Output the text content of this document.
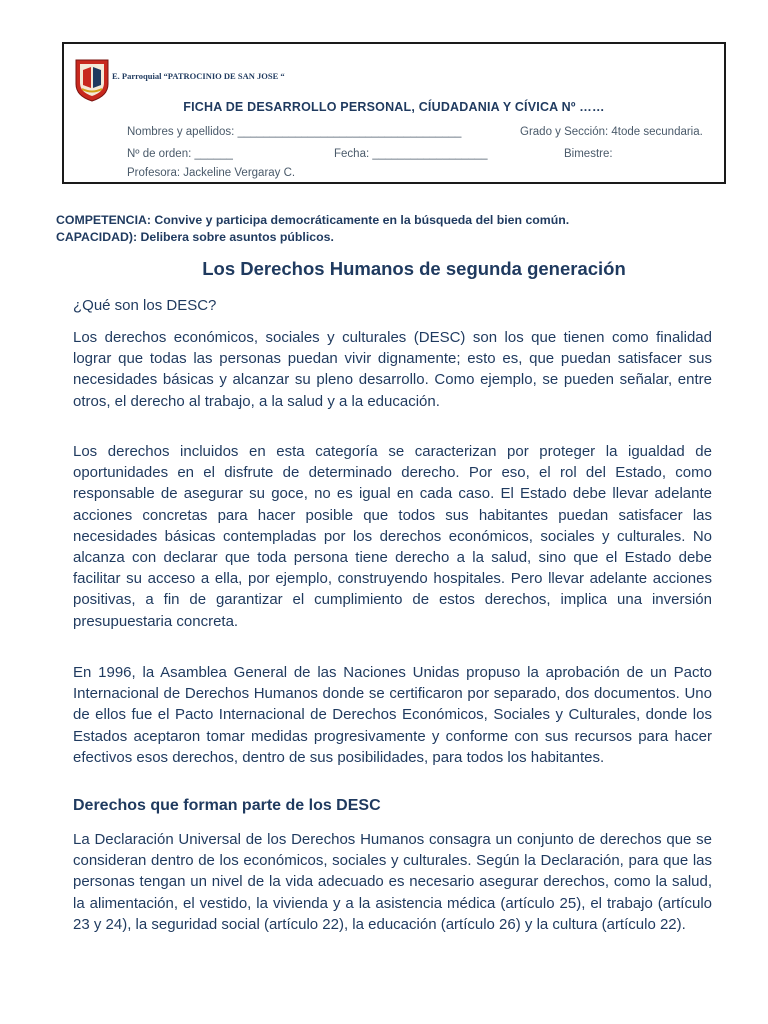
E. Parroquial “PATROCINIO DE SAN JOSE “
FICHA DE DESARROLLO PERSONAL, CÍUDADANIA Y CÍVICA Nº ……
Nombres y apellidos: ___________________________________	Grado y Sección: 4tode secundaria.
Nº de orden: ______	Fecha: __________________	Bimestre:
Profesora: Jackeline Vergaray C.
COMPETENCIA: Convive y participa democráticamente en la búsqueda del bien común.
CAPACIDAD): Delibera sobre asuntos públicos.
Los Derechos Humanos de segunda generación
¿Qué son los DESC?

Los derechos económicos, sociales y culturales (DESC) son los que tienen como finalidad lograr que todas las personas puedan vivir dignamente; esto es, que puedan satisfacer sus necesidades básicas y alcanzar su pleno desarrollo. Como ejemplo, se pueden señalar, entre otros, el derecho al trabajo, a la salud y a la educación.

Los derechos incluidos en esta categoría se caracterizan por proteger la igualdad de oportunidades en el disfrute de determinado derecho. Por eso, el rol del Estado, como responsable de asegurar su goce, no es igual en cada caso. El Estado debe llevar adelante acciones concretas para hacer posible que todos sus habitantes puedan satisfacer las necesidades básicas contempladas por los derechos económicos, sociales y culturales. No alcanza con declarar que toda persona tiene derecho a la salud, sino que el Estado debe facilitar su acceso a ella, por ejemplo, construyendo hospitales. Pero llevar adelante acciones positivas, a fin de garantizar el cumplimiento de estos derechos, implica una inversión presupuestaria concreta.

En 1996, la Asamblea General de las Naciones Unidas propuso la aprobación de un Pacto Internacional de Derechos Humanos donde se certificaron por separado, dos documentos. Uno de ellos fue el Pacto Internacional de Derechos Económicos, Sociales y Culturales, donde los Estados aceptaron tomar medidas progresivamente y conforme con sus recursos para hacer efectivos esos derechos, dentro de sus posibilidades, para todos los habitantes.

Derechos que forman parte de los DESC

La Declaración Universal de los Derechos Humanos consagra un conjunto de derechos que se consideran dentro de los económicos, sociales y culturales. Según la Declaración, para que las personas tengan un nivel de la vida adecuado es necesario asegurar derechos, como la salud, la alimentación, el vestido, la vivienda y a la asistencia médica (artículo 25), el trabajo (artículo 23 y 24), la seguridad social (artículo 22), la educación (artículo 26) y la cultura (artículo 22).
